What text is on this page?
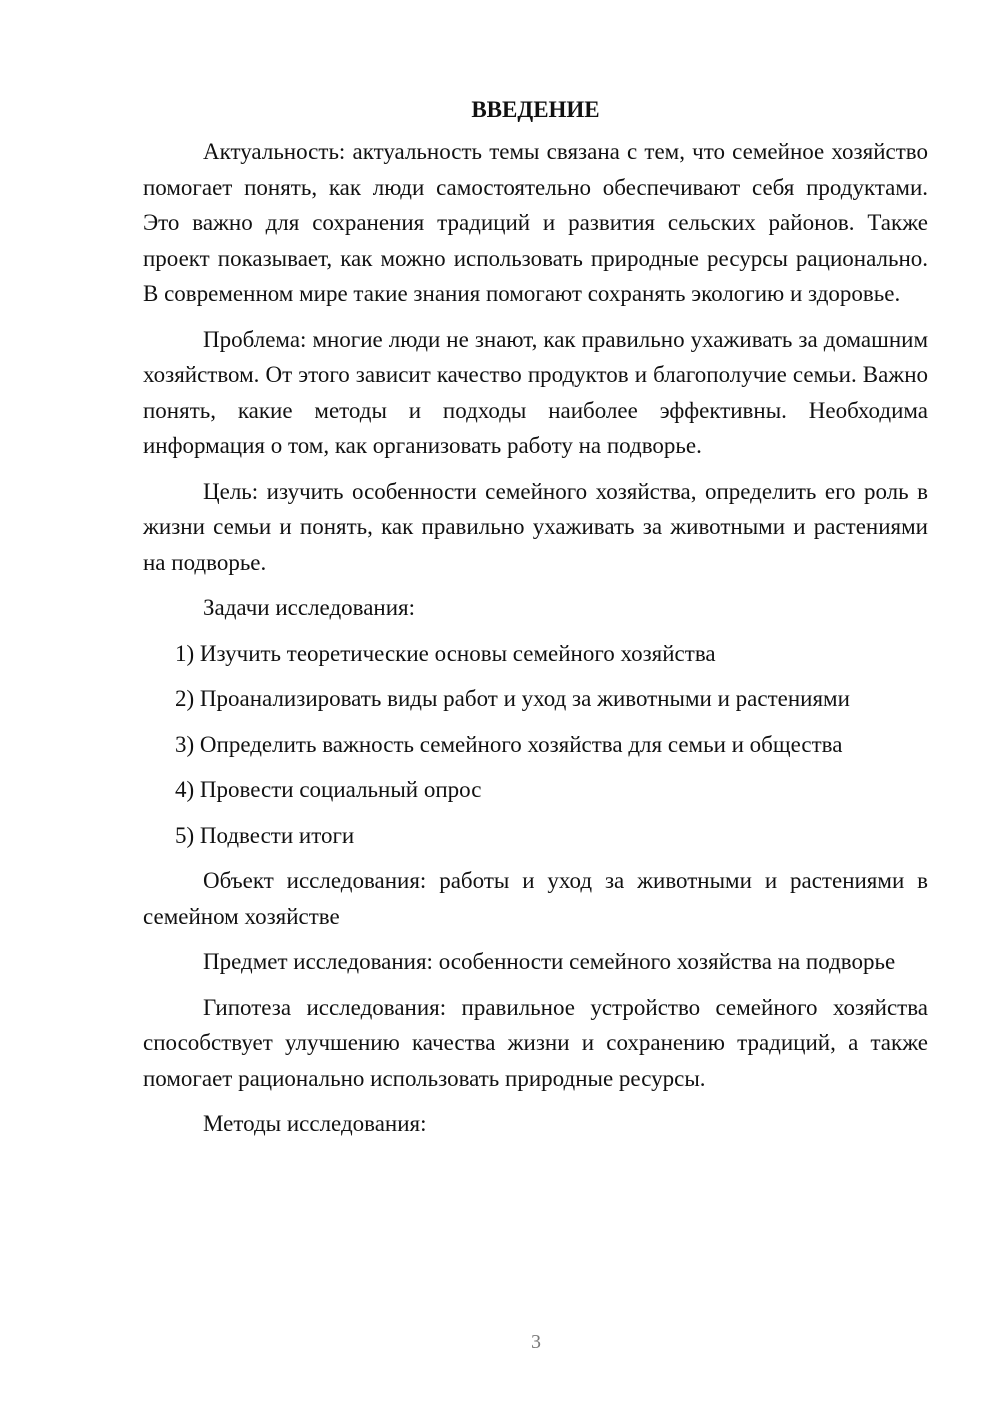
ВВЕДЕНИЕ

Актуальность: актуальность темы связана с тем, что семейное хозяйство помогает понять, как люди самостоятельно обеспечивают себя продуктами. Это важно для сохранения традиций и развития сельских районов. Также проект показывает, как можно использовать природные ресурсы рационально. В современном мире такие знания помогают сохранять экологию и здоровье.

Проблема: многие люди не знают, как правильно ухаживать за домашним хозяйством. От этого зависит качество продуктов и благополучие семьи. Важно понять, какие методы и подходы наиболее эффективны. Необходима информация о том, как организовать работу на подворье.

Цель: изучить особенности семейного хозяйства, определить его роль в жизни семьи и понять, как правильно ухаживать за животными и растениями на подворье.

Задачи исследования:

1) Изучить теоретические основы семейного хозяйства
2) Проанализировать виды работ и уход за животными и растениями
3) Определить важность семейного хозяйства для семьи и общества
4) Провести социальный опрос
5) Подвести итоги

Объект исследования: работы и уход за животными и растениями в семейном хозяйстве

Предмет исследования: особенности семейного хозяйства на подворье

Гипотеза исследования: правильное устройство семейного хозяйства способствует улучшению качества жизни и сохранению традиций, а также помогает рационально использовать природные ресурсы.

Методы исследования:

3
